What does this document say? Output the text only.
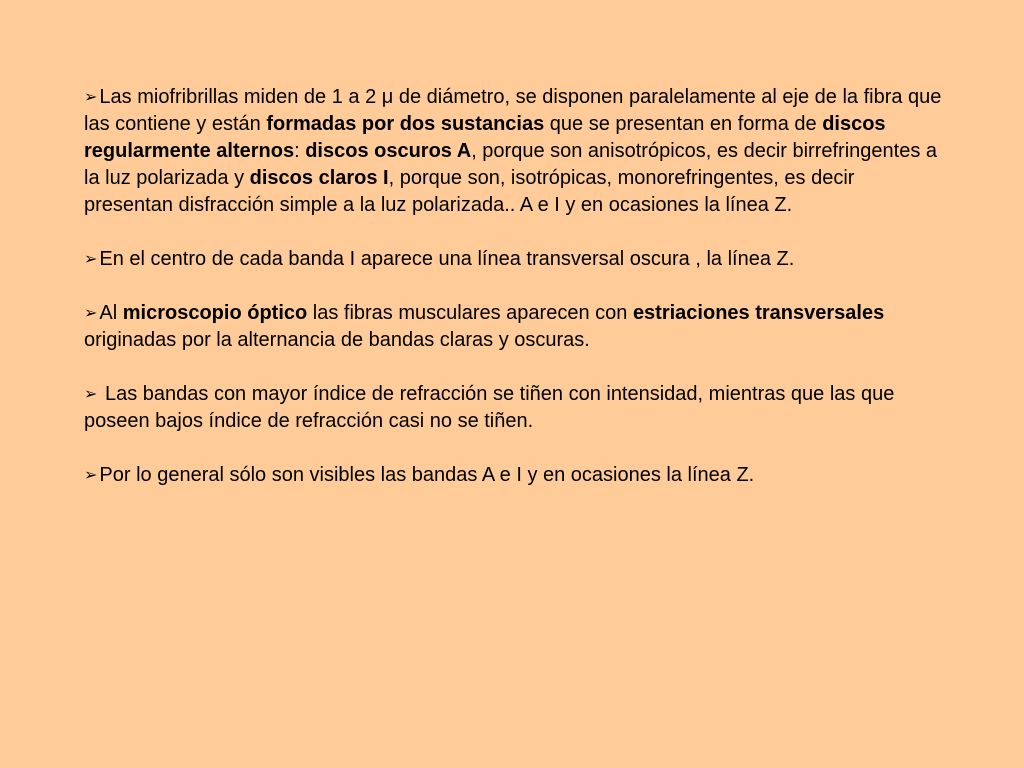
➢ Las miofribrillas miden de 1 a 2 μ de diámetro, se disponen paralelamente al eje de la fibra que las contiene y están formadas por dos sustancias que se presentan en forma de discos regularmente alternos: discos oscuros A, porque son anisotrópicos, es decir birrefringentes a la luz polarizada y discos claros I, porque son, isotrópicas, monorefringentes, es decir presentan disfracción simple a la luz polarizada.. A e I y en ocasiones la línea Z.

➢ En el centro de cada banda I aparece una línea transversal oscura , la línea Z.

➢ Al microscopio óptico las fibras musculares aparecen con estriaciones transversales originadas por la alternancia de bandas claras y oscuras.

➢ Las bandas con mayor índice de refracción se tiñen con intensidad, mientras que las que poseen bajos índice de refracción casi no se tiñen.

➢ Por lo general sólo son visibles las bandas A e I y en ocasiones la línea Z.
